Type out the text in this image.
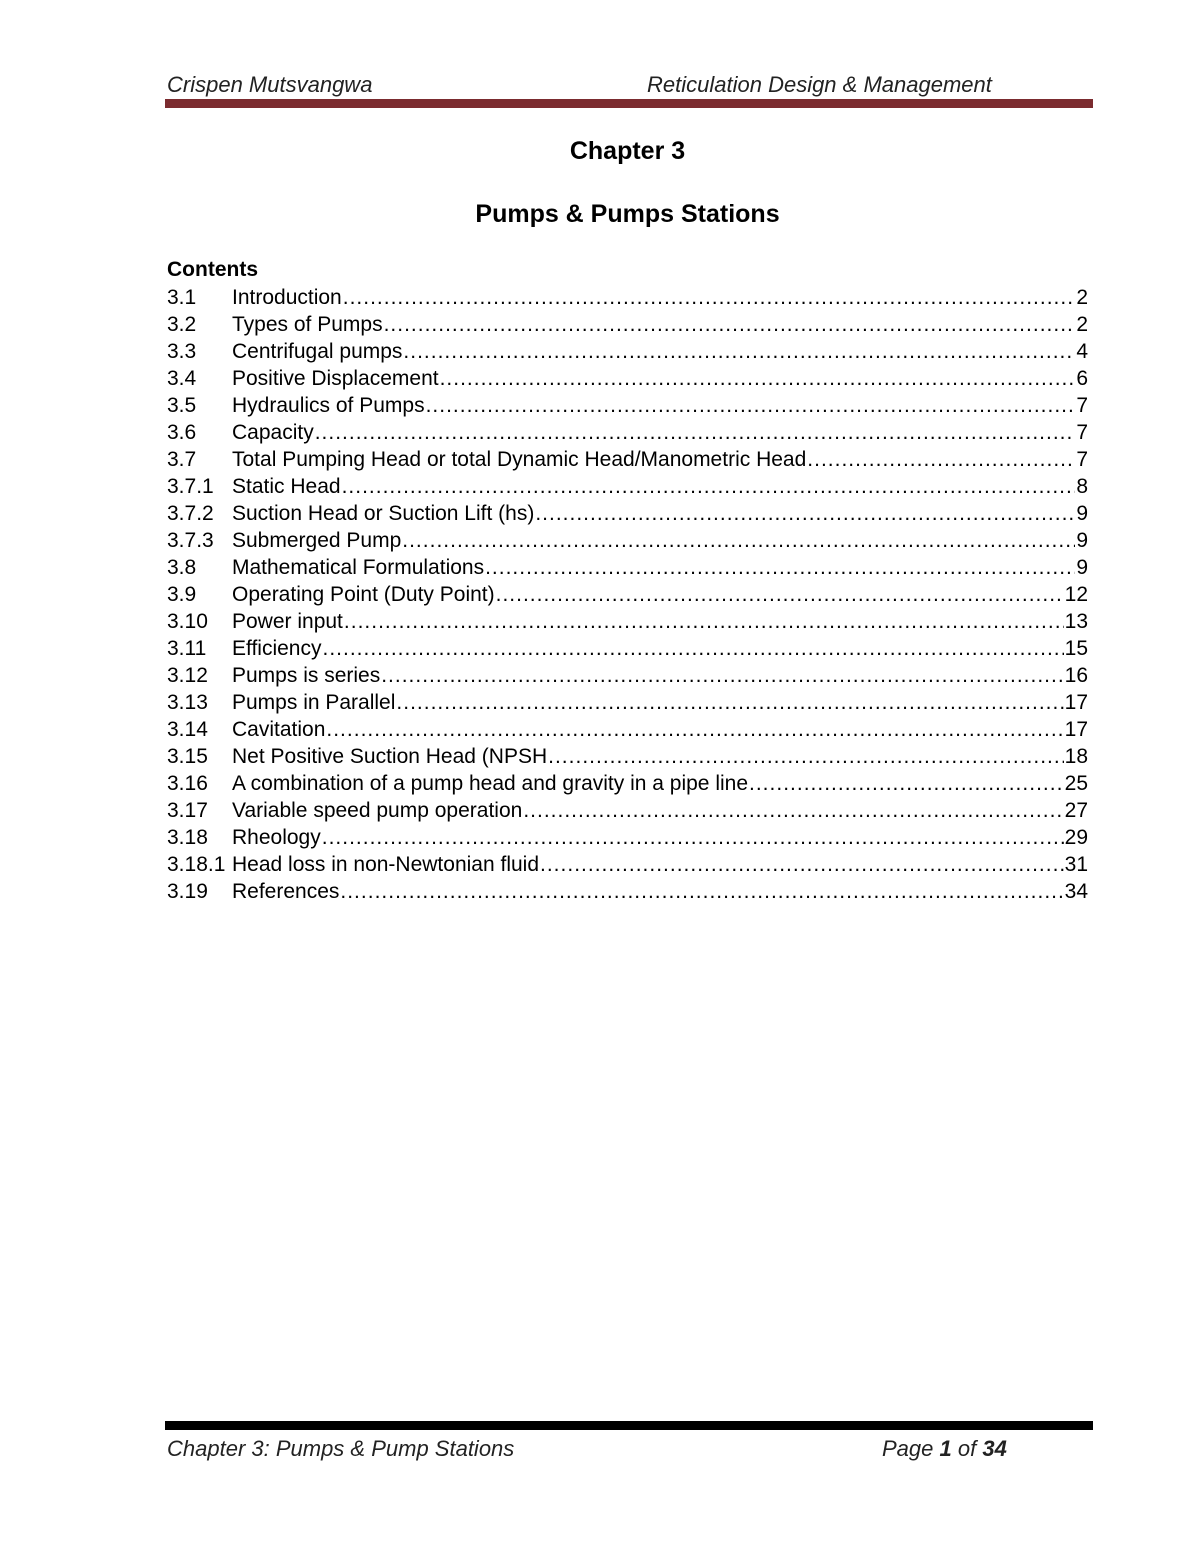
Crispen Mutsvangwa	Reticulation Design & Management
Chapter 3
Pumps & Pumps Stations
Contents
3.1	Introduction .....	2
3.2	Types of Pumps .....	2
3.3	Centrifugal pumps .....	4
3.4	Positive Displacement .....	6
3.5	Hydraulics of Pumps .....	7
3.6	Capacity .....	7
3.7	Total Pumping Head or total Dynamic Head/Manometric Head .....	7
3.7.1 Static Head .....	8
3.7.2 Suction Head or Suction Lift (hs) .....	9
3.7.3 Submerged Pump .....	9
3.8	Mathematical Formulations .....	9
3.9	Operating Point (Duty Point) .....	12
3.10	Power input .....	13
3.11	Efficiency .....	15
3.12	Pumps is series .....	16
3.13	Pumps in Parallel .....	17
3.14	Cavitation .....	17
3.15	Net Positive Suction Head (NPSH .....	18
3.16	A combination of a pump head and gravity in a pipe line .....	25
3.17	Variable speed pump operation .....	27
3.18	Rheology .....	29
3.18.1 Head loss in non-Newtonian fluid .....	31
3.19	References .....	34
Chapter 3: Pumps & Pump Stations	Page 1 of 34
